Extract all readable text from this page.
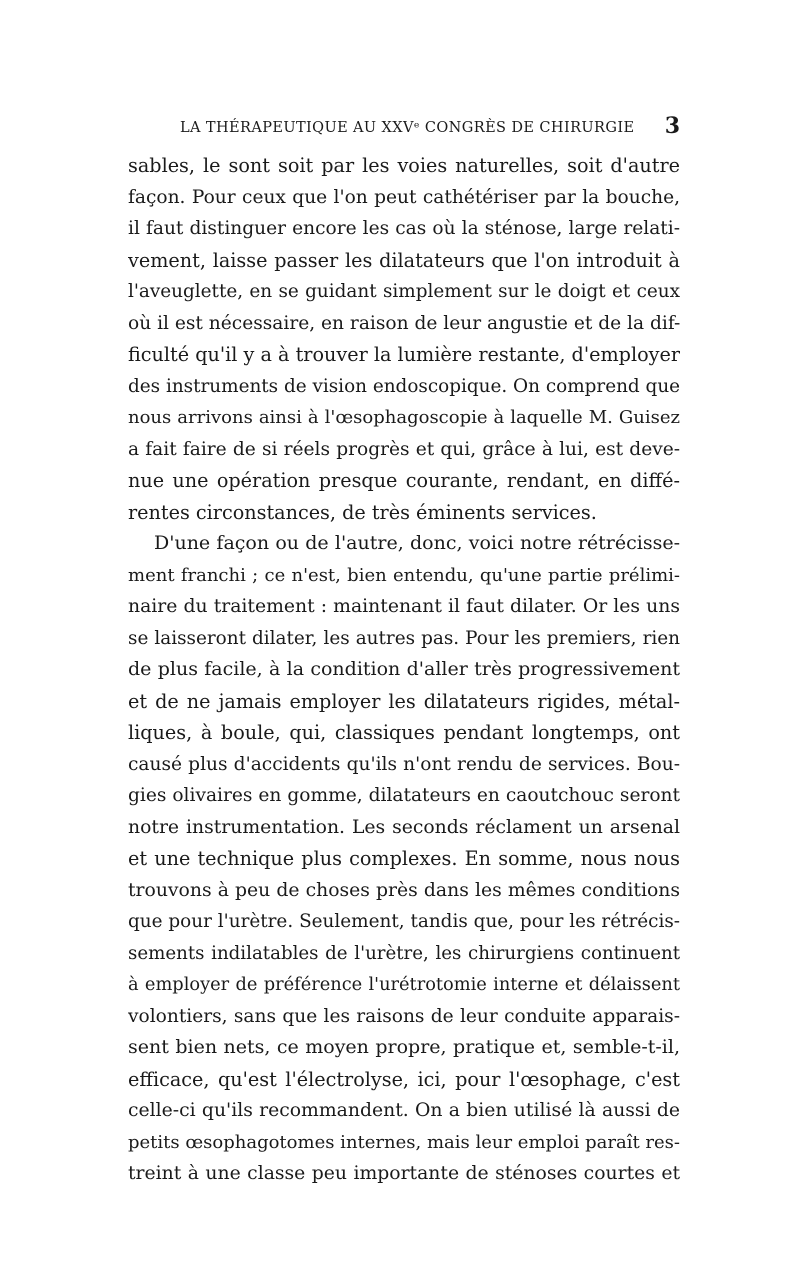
LA THÉRAPEUTIQUE AU XXVᵉ CONGRÈS DE CHIRURGIE 3
sables, le sont soit par les voies naturelles, soit d'autre
façon. Pour ceux que l'on peut cathétériser par la bouche,
il faut distinguer encore les cas où la sténose, large relati-
vement, laisse passer les dilatateurs que l'on introduit à
l'aveuglette, en se guidant simplement sur le doigt et ceux
où il est nécessaire, en raison de leur angustie et de la dif-
ficulté qu'il y a à trouver la lumière restante, d'employer
des instruments de vision endoscopique. On comprend que
nous arrivons ainsi à l'œsophagoscopie à laquelle M. Guisez
a fait faire de si réels progrès et qui, grâce à lui, est deve-
nue une opération presque courante, rendant, en diffé-
rentes circonstances, de très éminents services.
D'une façon ou de l'autre, donc, voici notre rétrécisse-
ment franchi ; ce n'est, bien entendu, qu'une partie prélimi-
naire du traitement : maintenant il faut dilater. Or les uns
se laisseront dilater, les autres pas. Pour les premiers, rien
de plus facile, à la condition d'aller très progressivement
et de ne jamais employer les dilatateurs rigides, métal-
liques, à boule, qui, classiques pendant longtemps, ont
causé plus d'accidents qu'ils n'ont rendu de services. Bou-
gies olivaires en gomme, dilatateurs en caoutchouc seront
notre instrumentation. Les seconds réclament un arsenal
et une technique plus complexes. En somme, nous nous
trouvons à peu de choses près dans les mêmes conditions
que pour l'urètre. Seulement, tandis que, pour les rétrécis-
sements indilatables de l'urètre, les chirurgiens continuent
à employer de préférence l'urétrotomie interne et délaissent
volontiers, sans que les raisons de leur conduite apparais-
sent bien nets, ce moyen propre, pratique et, semble-t-il,
efficace, qu'est l'électrolyse, ici, pour l'œsophage, c'est
celle-ci qu'ils recommandent. On a bien utilisé là aussi de
petits œsophagotomes internes, mais leur emploi paraît res-
treint à une classe peu importante de sténoses courtes et
